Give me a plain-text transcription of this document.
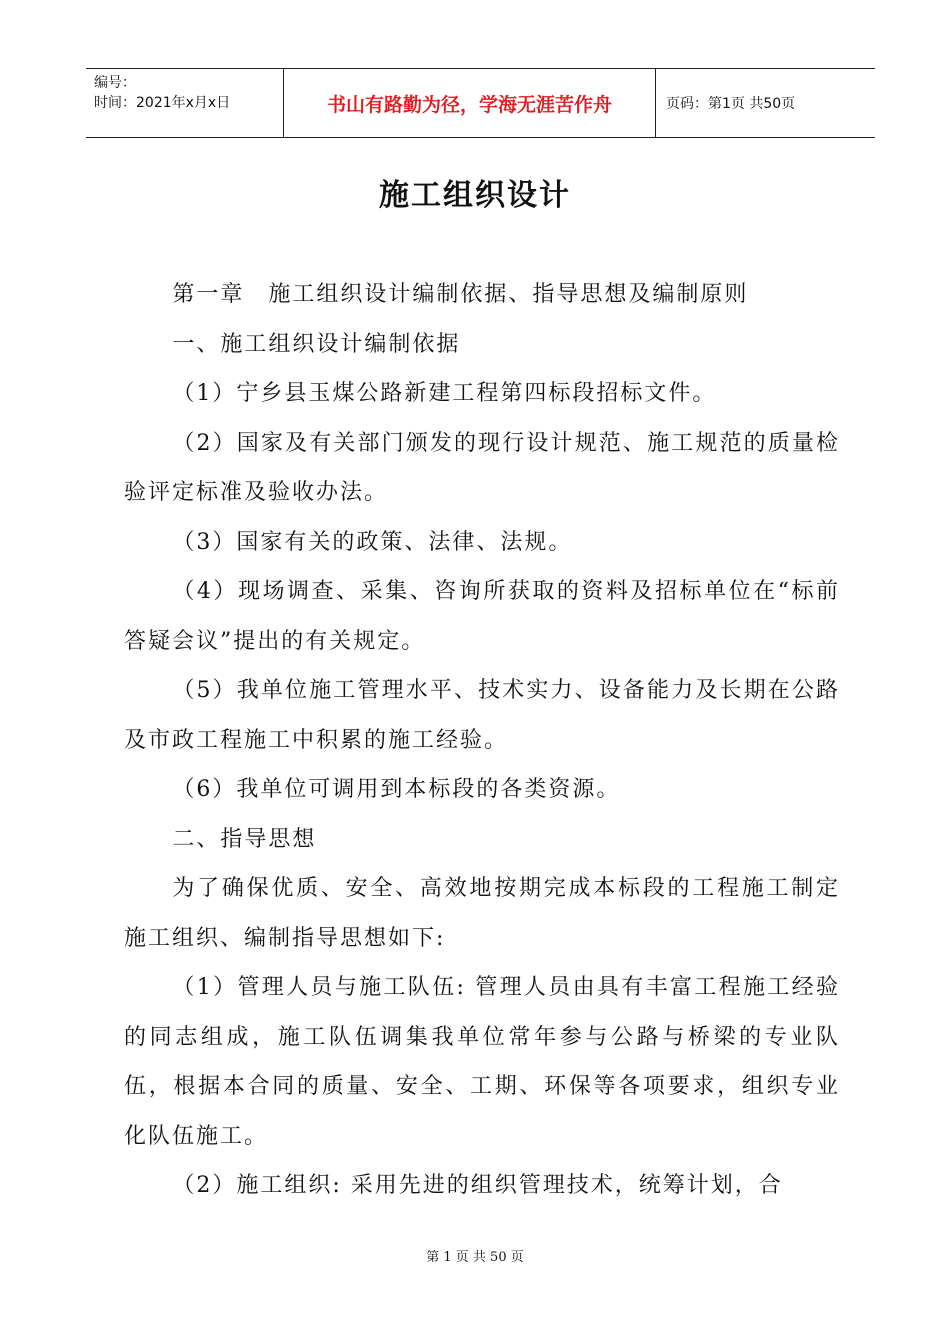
编号：
时间：2021年x月x日	书山有路勤为径，学海无涯苦作舟	页码：第1页 共50页
施工组织设计

第一章　施工组织设计编制依据、指导思想及编制原则

一、施工组织设计编制依据

（1）宁乡县玉煤公路新建工程第四标段招标文件。

（2）国家及有关部门颁发的现行设计规范、施工规范的质量检验评定标准及验收办法。

（3）国家有关的政策、法律、法规。

（4）现场调查、采集、咨询所获取的资料及招标单位在“标前答疑会议”提出的有关规定。

（5）我单位施工管理水平、技术实力、设备能力及长期在公路及市政工程施工中积累的施工经验。

（6）我单位可调用到本标段的各类资源。

二、指导思想

为了确保优质、安全、高效地按期完成本标段的工程施工制定施工组织、编制指导思想如下:

（1）管理人员与施工队伍: 管理人员由具有丰富工程施工经验的同志组成，施工队伍调集我单位常年参与公路与桥梁的专业队伍，根据本合同的质量、安全、工期、环保等各项要求，组织专业化队伍施工。

（2）施工组织: 采用先进的组织管理技术，统筹计划，合

第 1 页 共 50 页
